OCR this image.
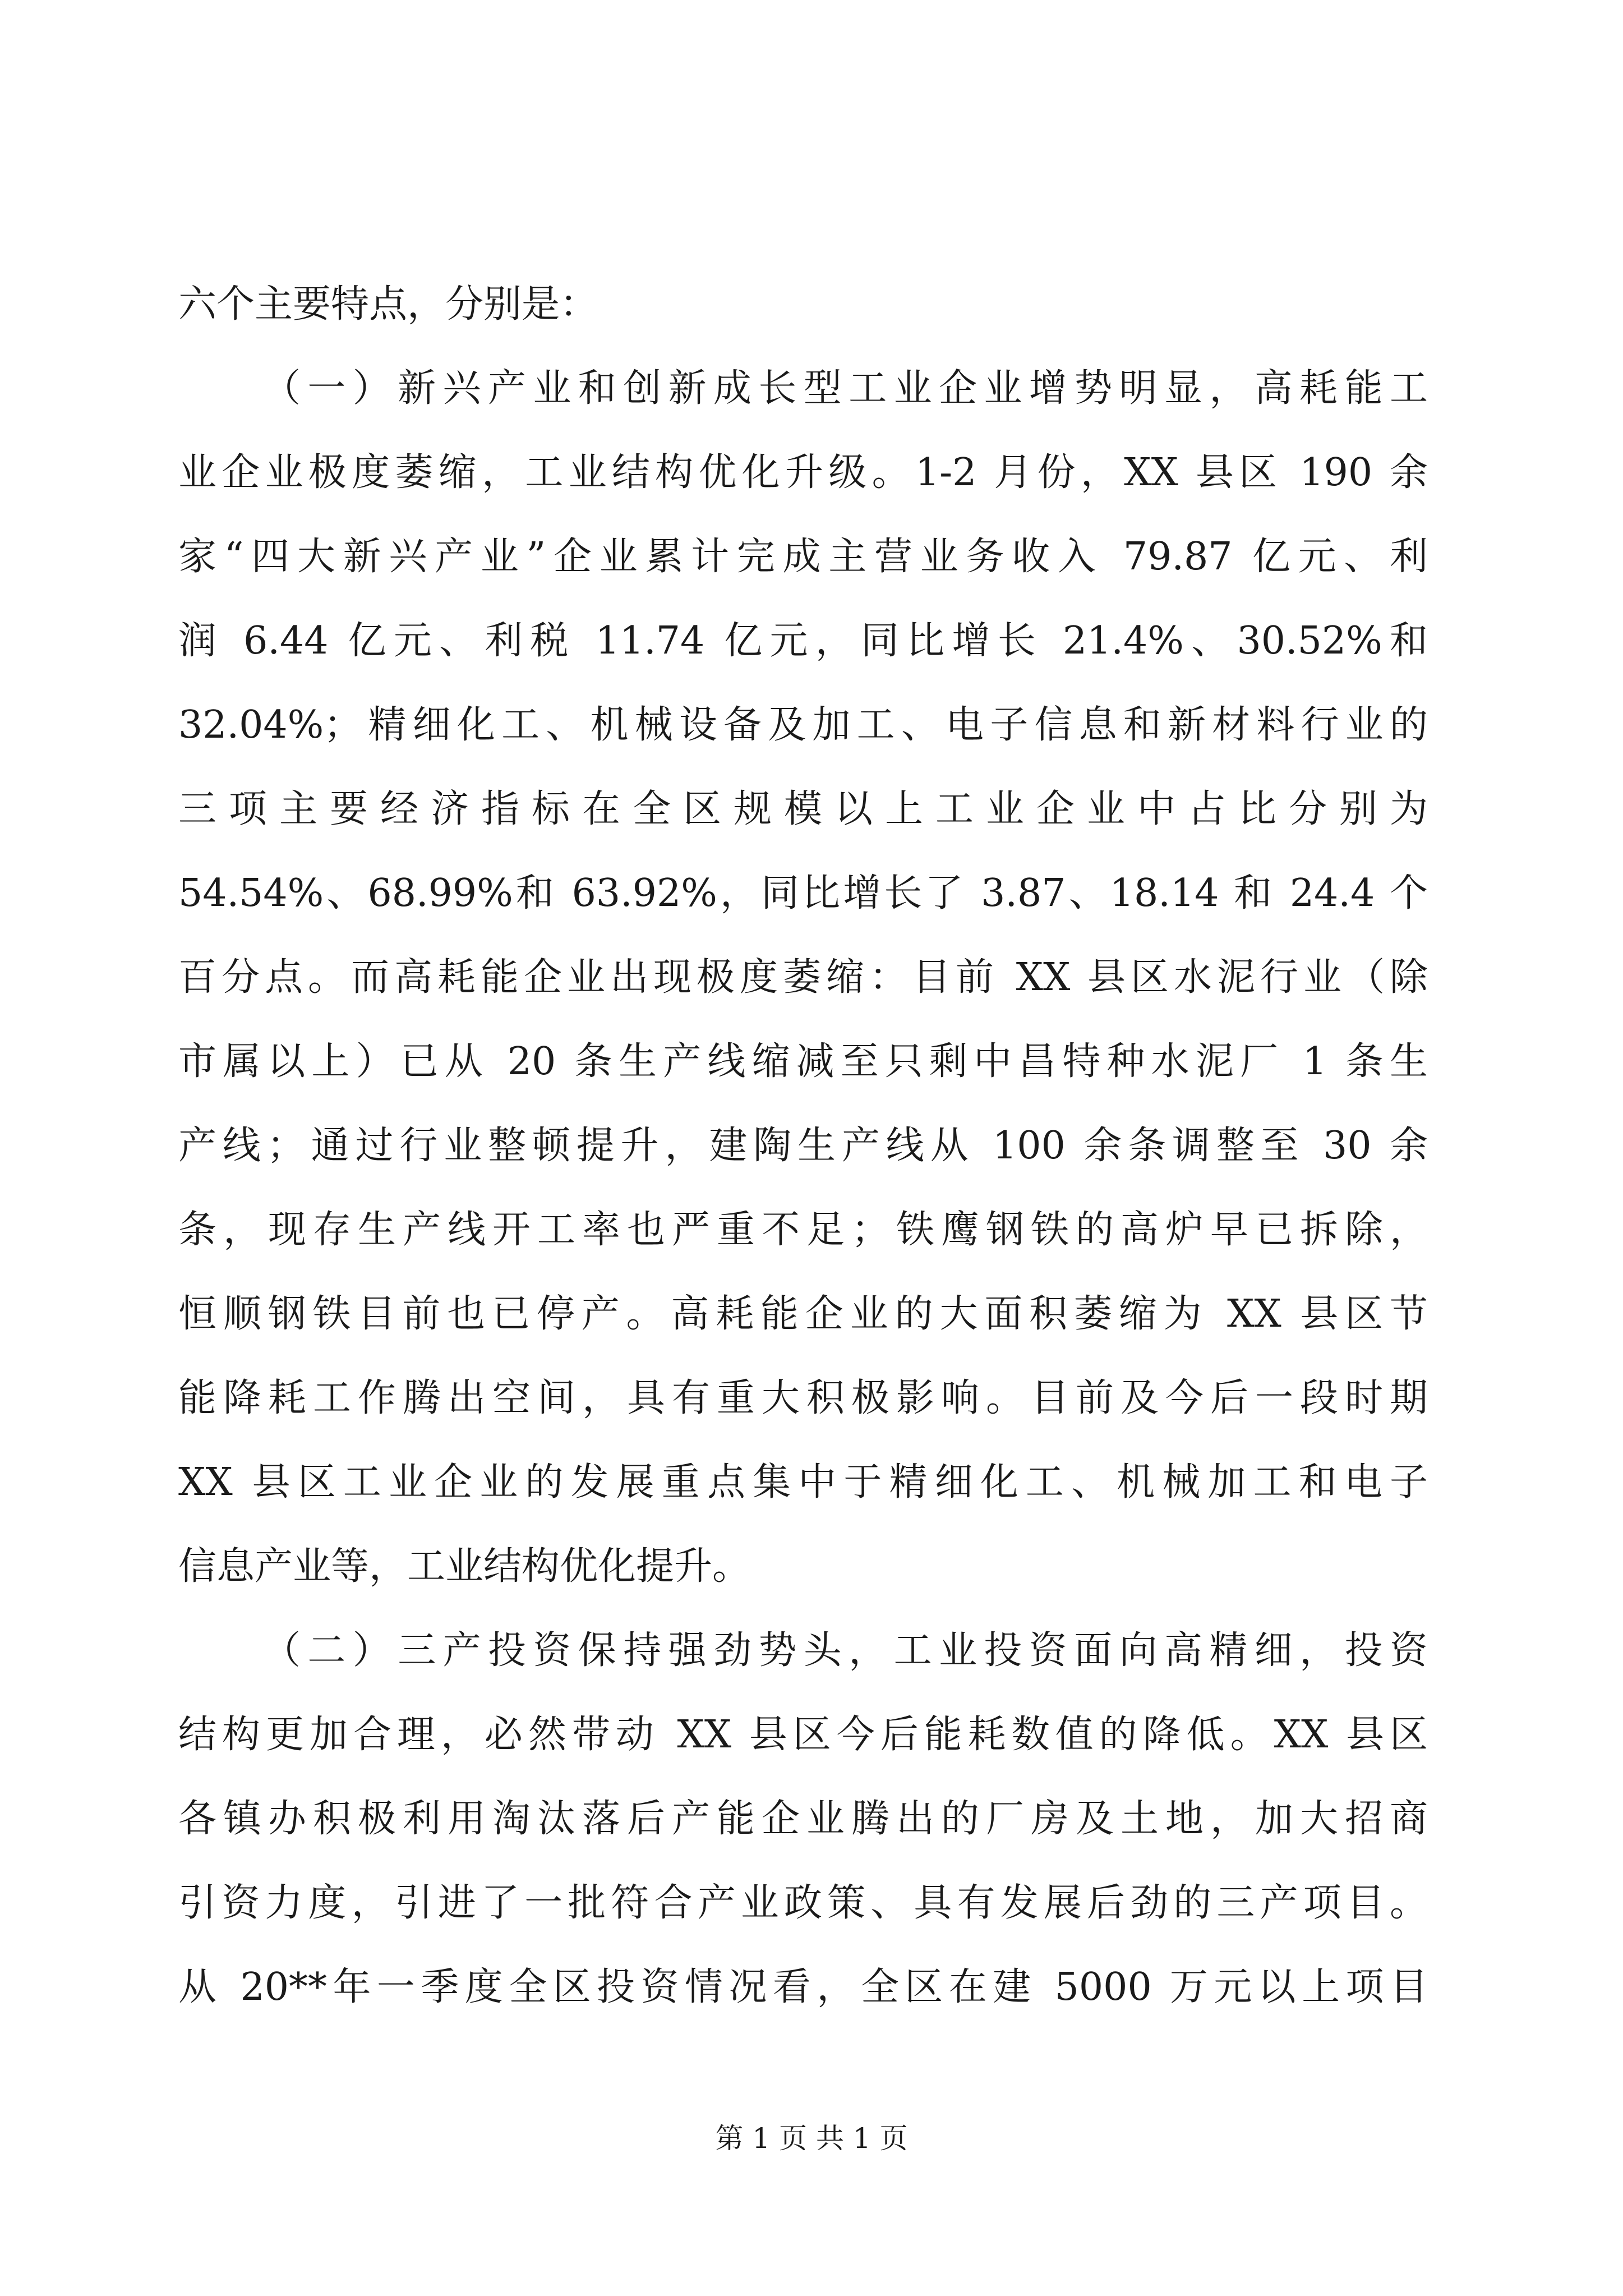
六个主要特点，分别是：
（一）新兴产业和创新成长型工业企业增势明显，高耗能工
业企业极度萎缩，工业结构优化升级。1-2 月份，XX 县区 190 余
家“四大新兴产业”企业累计完成主营业务收入 79.87 亿元、利
润 6.44 亿元、利税 11.74 亿元，同比增长 21.4%、30.52%和
32.04%；精细化工、机械设备及加工、电子信息和新材料行业的
三项主要经济指标在全区规模以上工业企业中占比分别为
54.54%、68.99%和 63.92%，同比增长了 3.87、18.14 和 24.4 个
百分点。而高耗能企业出现极度萎缩：目前 XX 县区水泥行业（除
市属以上）已从 20 条生产线缩减至只剩中昌特种水泥厂 1 条生
产线；通过行业整顿提升，建陶生产线从 100 余条调整至 30 余
条，现存生产线开工率也严重不足；铁鹰钢铁的高炉早已拆除，
恒顺钢铁目前也已停产。高耗能企业的大面积萎缩为 XX 县区节
能降耗工作腾出空间，具有重大积极影响。目前及今后一段时期
XX 县区工业企业的发展重点集中于精细化工、机械加工和电子
信息产业等，工业结构优化提升。
（二）三产投资保持强劲势头，工业投资面向高精细，投资
结构更加合理，必然带动 XX 县区今后能耗数值的降低。XX 县区
各镇办积极利用淘汰落后产能企业腾出的厂房及土地，加大招商
引资力度，引进了一批符合产业政策、具有发展后劲的三产项目。
从 20**年一季度全区投资情况看，全区在建 5000 万元以上项目
第 1 页 共 1 页
